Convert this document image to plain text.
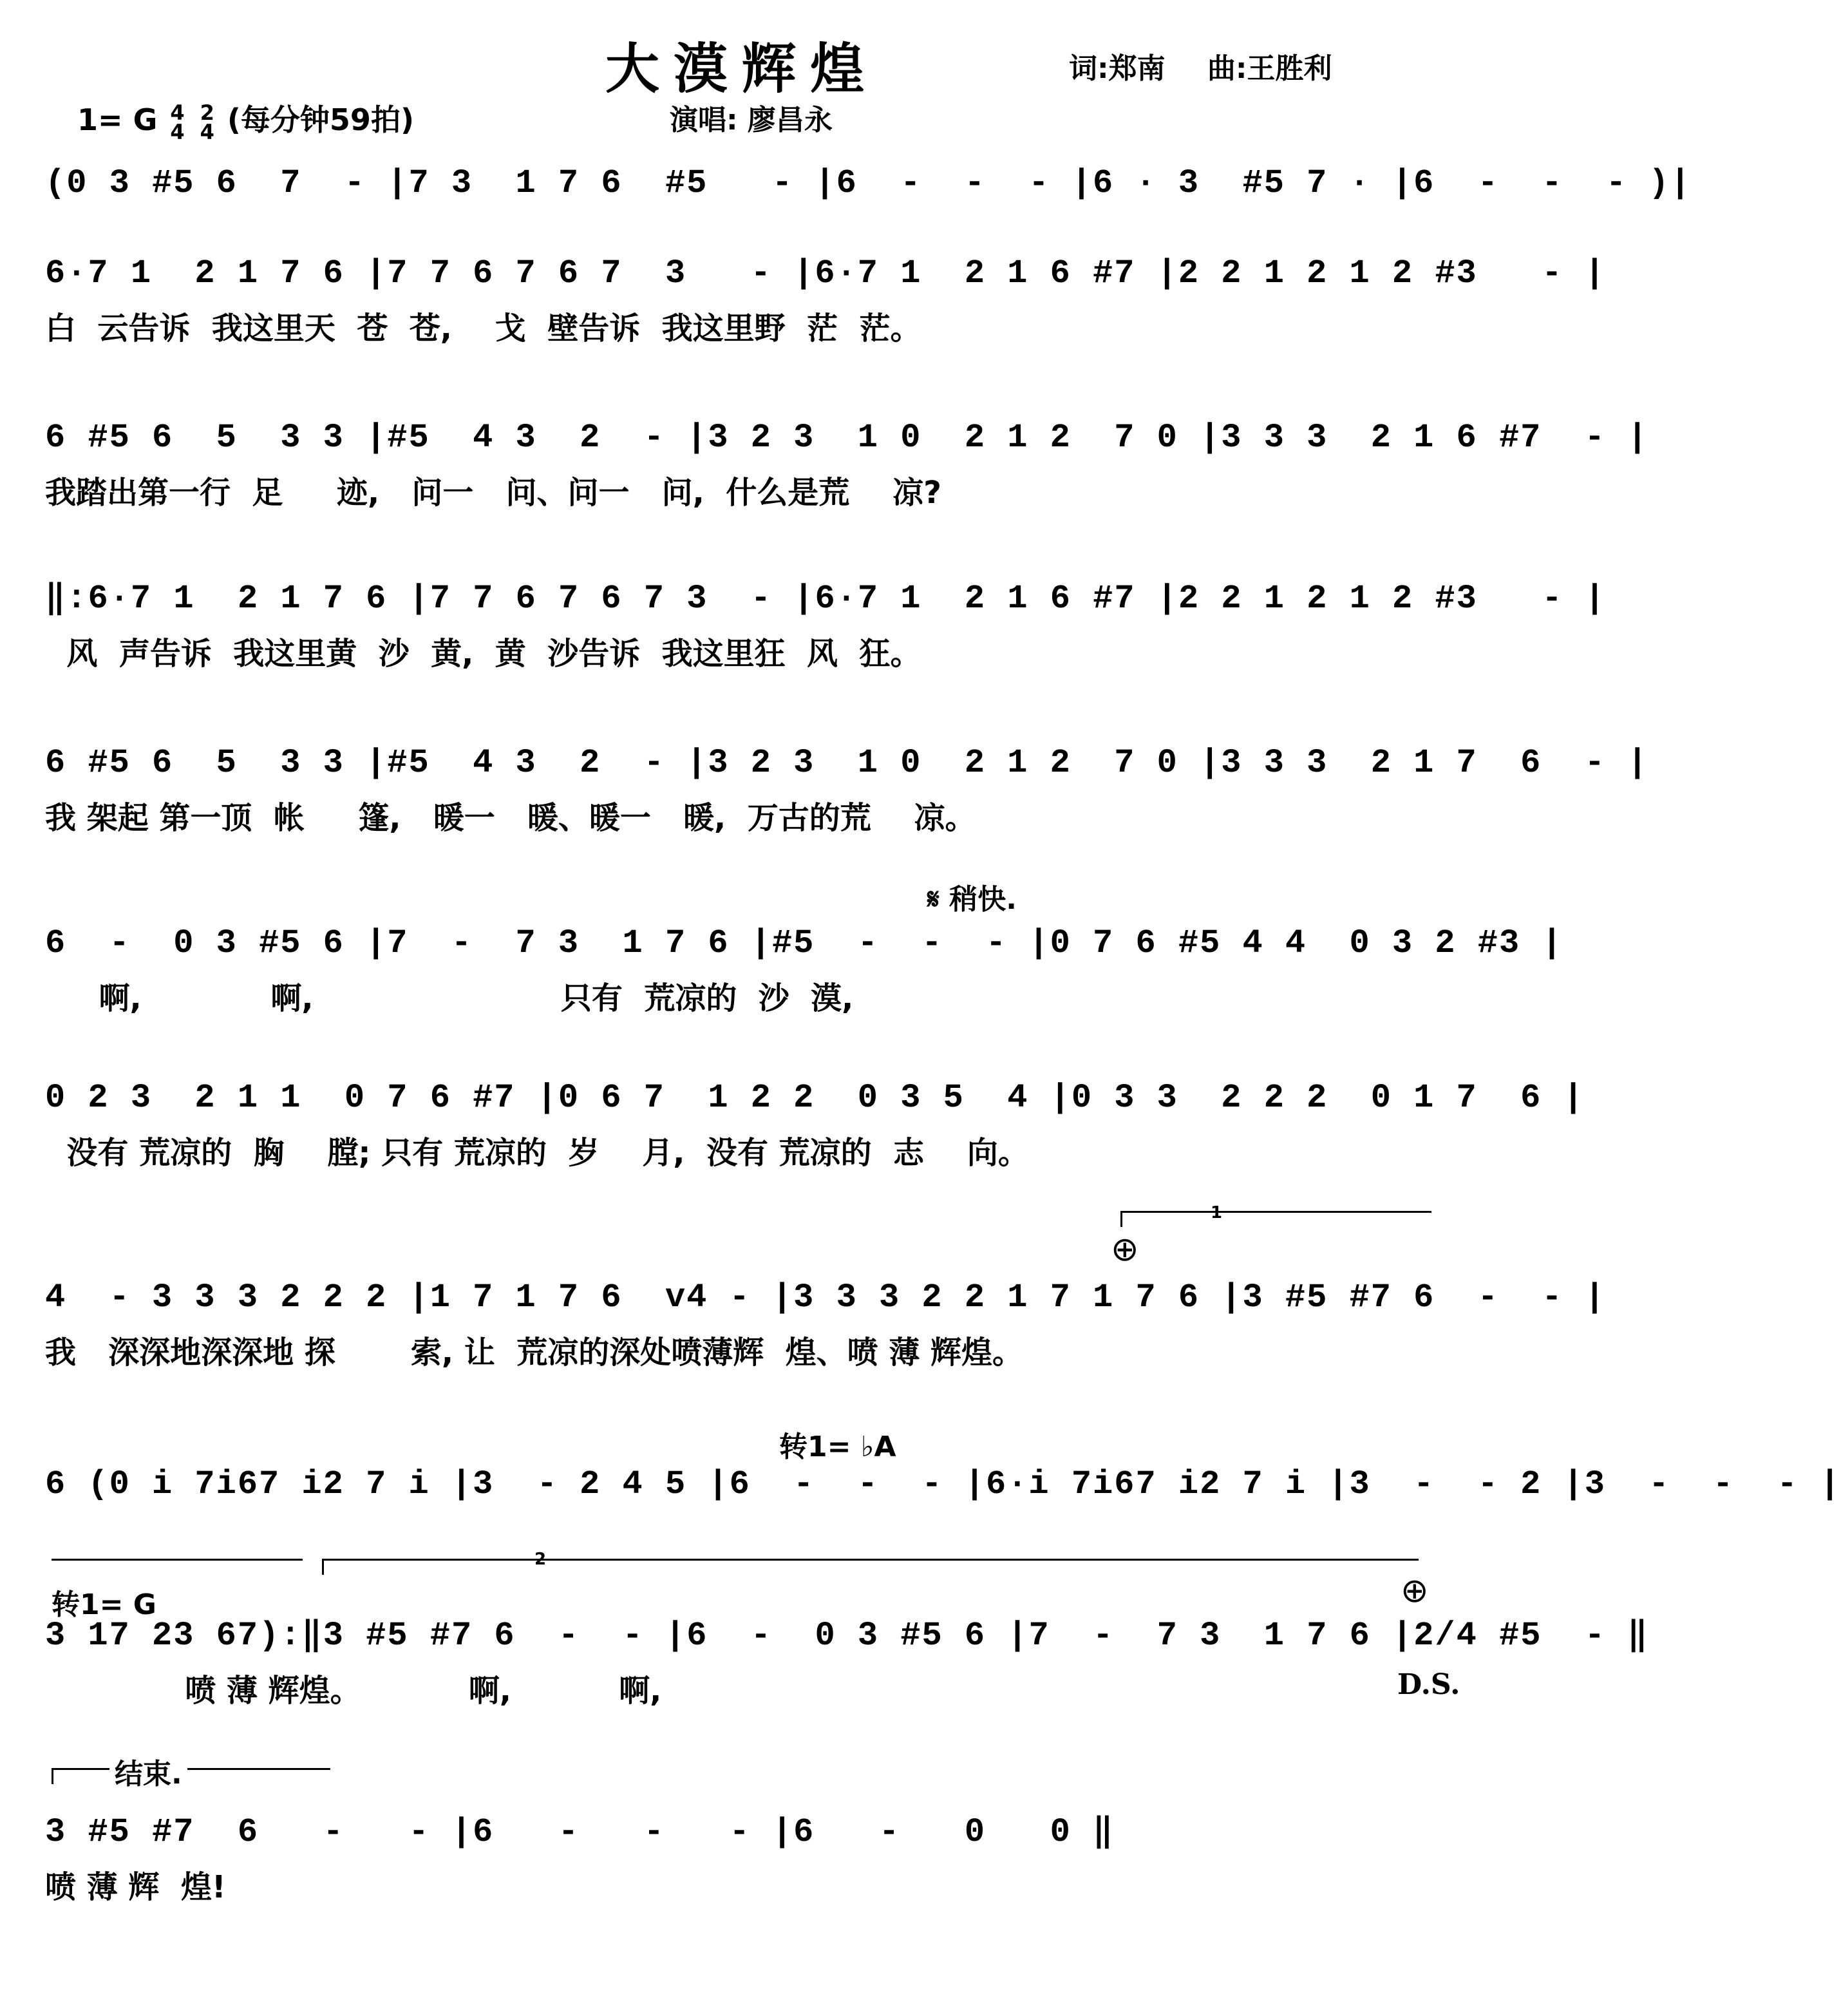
大漠辉煌	词:郑南 曲:王胜利
1= G 4
4 2
4 (每分钟59拍)	演唱: 廖昌永
(0 3 #5 6  7  - |7 3  1 7 6  #5   - |6  -  -  - |6 · 3  #5 7 · |6  -  -  - )|
6·7 1  2 1 7 6 |7 7 6 7 6 7  3   - |6·7 1  2 1 6 #7 |2 2 1 2 1 2 #3   - |
白  云告诉  我这里天  苍  苍,    戈  壁告诉  我这里野  茫  茫。
6 #5 6  5  3 3 |#5  4 3  2  - |3 2 3  1 0  2 1 2  7 0 |3 3 3  2 1 6 #7  - |
我踏出第一行  足     迹,   问一   问、问一   问,  什么是荒    凉?
‖:6·7 1  2 1 7 6 |7 7 6 7 6 7 3  - |6·7 1  2 1 6 #7 |2 2 1 2 1 2 #3   - |
风  声告诉  我这里黄  沙  黄,  黄  沙告诉  我这里狂  风  狂。
6 #5 6  5  3 3 |#5  4 3  2  - |3 2 3  1 0  2 1 2  7 0 |3 3 3  2 1 7  6  - |
我 架起 第一顶  帐     篷,   暖一   暖、暖一   暖,  万古的荒    凉。
𝄋 稍快.
6  -  0 3 #5 6 |7  -  7 3  1 7 6 |#5  -  -  - |0 7 6 #5 4 4  0 3 2 #3 |
啊,            啊,                       只有  荒凉的  沙  漠,
0 2 3  2 1 1  0 7 6 #7 |0 6 7  1 2 2  0 3 5  4 |0 3 3  2 2 2  0 1 7  6 |
没有 荒凉的  胸    膛; 只有 荒凉的  岁    月,  没有 荒凉的  志    向。
1
⊕
4  - 3 3 3 2 2 2 |1 7 1 7 6  v4 - |3 3 3 2 2 1 7 1 7 6 |3 #5 #7 6  -  - |
我   深深地深深地 探       索, 让  荒凉的深处喷薄辉  煌、喷 薄 辉煌。
转1= ♭A
6 (0 i 7i67 i2 7 i |3  - 2 4 5 |6  -  -  - |6·i 7i67 i2 7 i |3  -  - 2 |3  -  -  - |
2
转1= G	⊕
3 17 23 67):‖3 #5 #7 6  -  - |6  -  0 3 #5 6 |7  -  7 3  1 7 6 |2/4 #5  - ‖
喷 薄 辉煌。          啊,          啊,	D.S.
结束.
3 #5 #7  6   -   - |6   -   -   - |6   -   0   0 ‖
喷 薄 辉  煌!
